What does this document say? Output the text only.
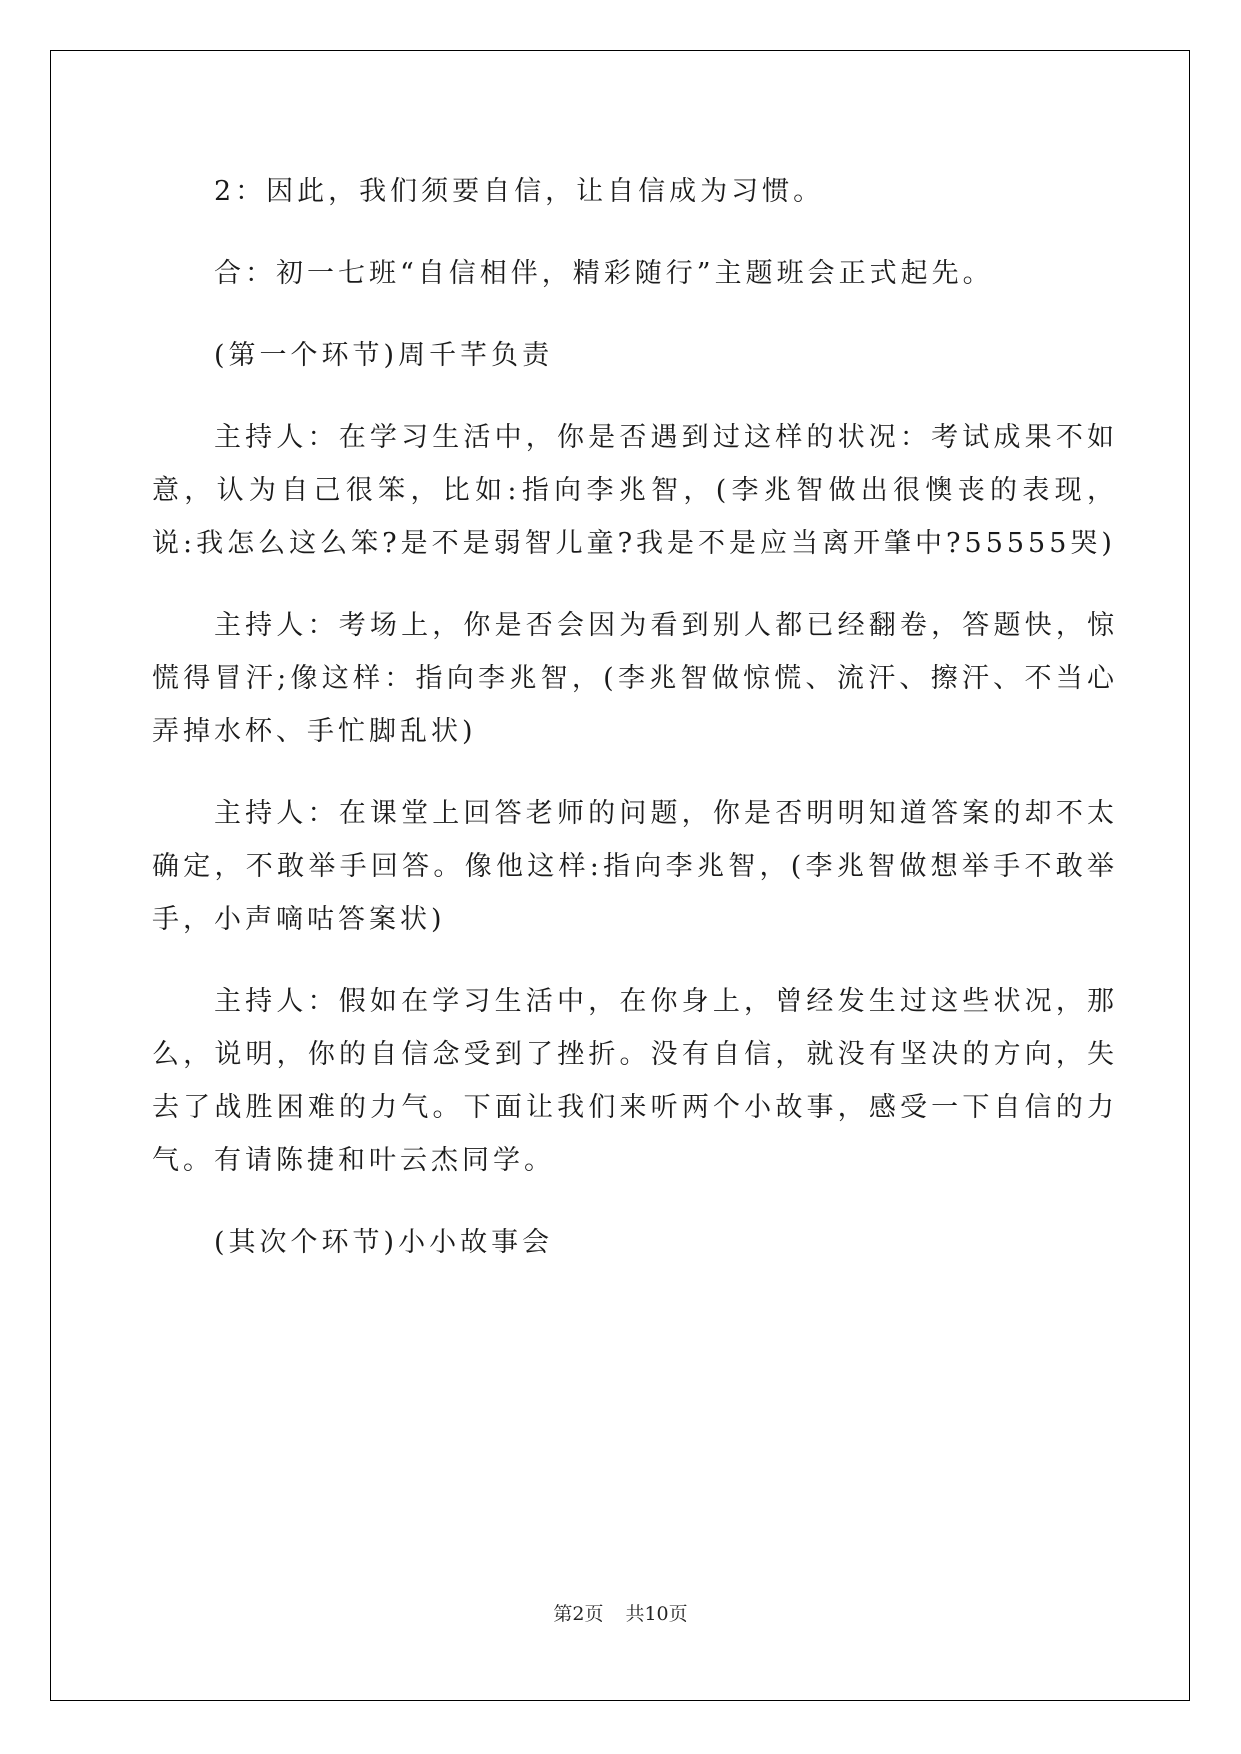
2：因此，我们须要自信，让自信成为习惯。

合：初一七班“自信相伴，精彩随行”主题班会正式起先。

(第一个环节)周千芊负责

主持人：在学习生活中，你是否遇到过这样的状况：考试成果不如意，认为自己很笨，比如:指向李兆智，(李兆智做出很懊丧的表现，说:我怎么这么笨?是不是弱智儿童?我是不是应当离开肇中?55555哭)

主持人：考场上，你是否会因为看到别人都已经翻卷，答题快，惊慌得冒汗;像这样：指向李兆智，(李兆智做惊慌、流汗、擦汗、不当心弄掉水杯、手忙脚乱状)

主持人：在课堂上回答老师的问题，你是否明明知道答案的却不太确定，不敢举手回答。像他这样:指向李兆智，(李兆智做想举手不敢举手，小声嘀咕答案状)

主持人：假如在学习生活中，在你身上，曾经发生过这些状况，那么，说明，你的自信念受到了挫折。没有自信，就没有坚决的方向，失去了战胜困难的力气。下面让我们来听两个小故事，感受一下自信的力气。有请陈捷和叶云杰同学。

(其次个环节)小小故事会

第2页 共10页
